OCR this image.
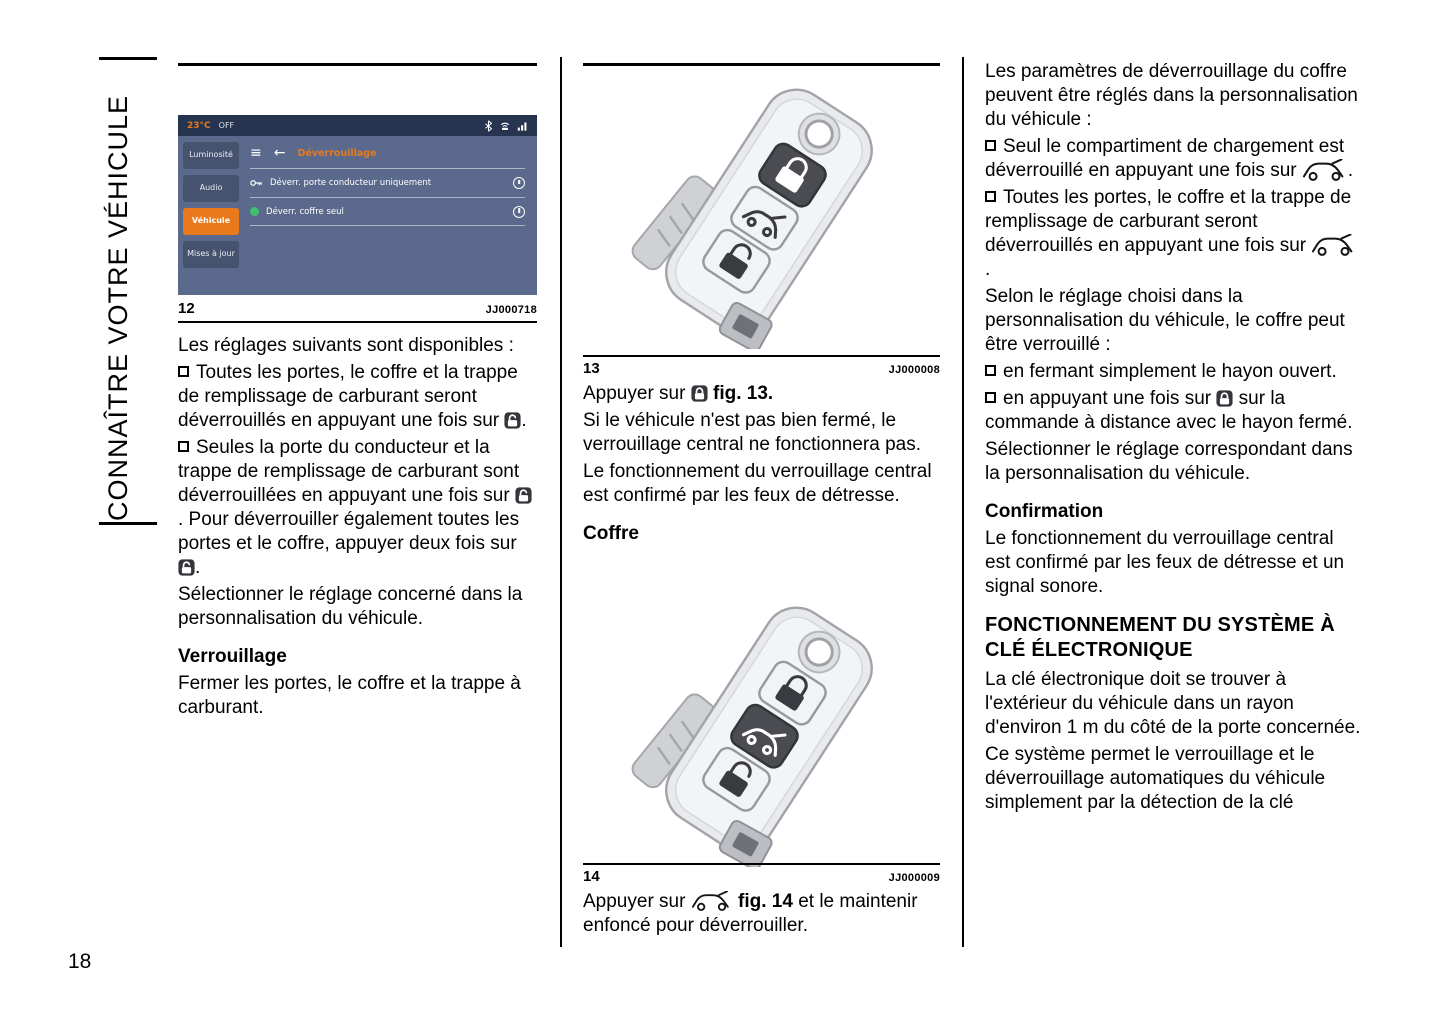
CONNAÎTRE VOTRE VÉHICULE
18
23°C OFF
Luminosité
Audio
Véhicule
Mises à jour
≡ ← Déverrouillage
Déverr. porte conducteur uniquement
Déverr. coffre seul
12	JJ000718

Les réglages suivants sont disponibles :

Toutes les portes, le coffre et la trappe de remplissage de carburant seront déverrouillés en appuyant une fois sur .

Seules la porte du conducteur et la trappe de remplissage de carburant sont déverrouillées en appuyant une fois sur . Pour déverrouiller également toutes les portes et le coffre, appuyer deux fois sur .

Sélectionner le réglage concerné dans la personnalisation du véhicule.

Verrouillage

Fermer les portes, le coffre et la trappe à carburant.

13	JJ000008

Appuyer sur fig. 13.

Si le véhicule n'est pas bien fermé, le verrouillage central ne fonctionnera pas.

Le fonctionnement du verrouillage central est confirmé par les feux de détresse.

Coffre

14	JJ000009

Appuyer sur	fig. 14 et le maintenir enfoncé pour déverrouiller.

Les paramètres de déverrouillage du coffre peuvent être réglés dans la personnalisation du véhicule :

Seul le compartiment de chargement est déverrouillé en appuyant une fois sur	.

Toutes les portes, le coffre et la trappe de remplissage de carburant seront déverrouillés en appuyant une fois sur .

Selon le réglage choisi dans la personnalisation du véhicule, le coffre peut être verrouillé :

en fermant simplement le hayon ouvert.

en appuyant une fois sur sur la commande à distance avec le hayon fermé.

Sélectionner le réglage correspondant dans la personnalisation du véhicule.

Confirmation

Le fonctionnement du verrouillage central est confirmé par les feux de détresse et un signal sonore.

FONCTIONNEMENT DU SYSTÈME À CLÉ ÉLECTRONIQUE

La clé électronique doit se trouver à l'extérieur du véhicule dans un rayon d'environ 1 m du côté de la porte concernée.

Ce système permet le verrouillage et le déverrouillage automatiques du véhicule simplement par la détection de la clé
